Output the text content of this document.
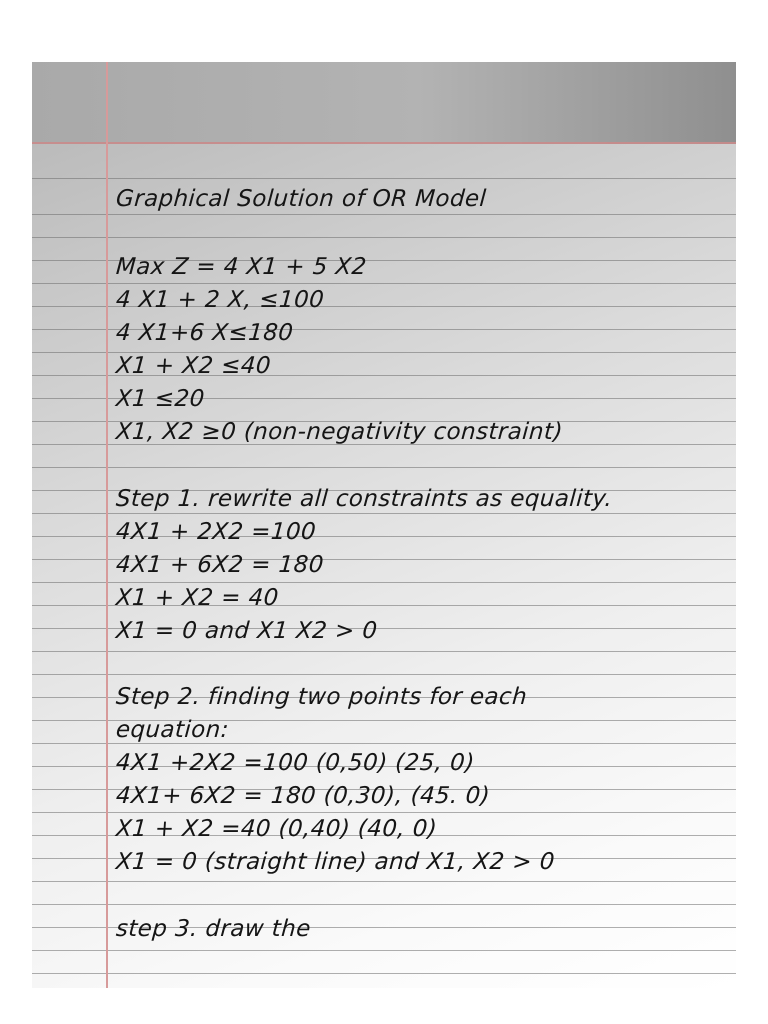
Graphical Solution of OR Model
Max Z = 4 X1 + 5 X2
4 X1 + 2 X, ≤100
4 X1+6 X≤180
X1 + X2 ≤40
X1 ≤20
X1, X2 ≥0 (non-negativity constraint)
Step 1. rewrite all constraints as equality.
4X1 + 2X2 =100
4X1 + 6X2 = 180
X1 + X2 = 40
X1 = 0 and X1 X2 > 0
Step 2. finding two points for each
equation:
4X1 +2X2 =100 (0,50) (25, 0)
4X1+ 6X2 = 180 (0,30), (45. 0)
X1 + X2 =40 (0,40) (40, 0)
X1 = 0 (straight line) and X1, X2 > 0
step 3. draw the
